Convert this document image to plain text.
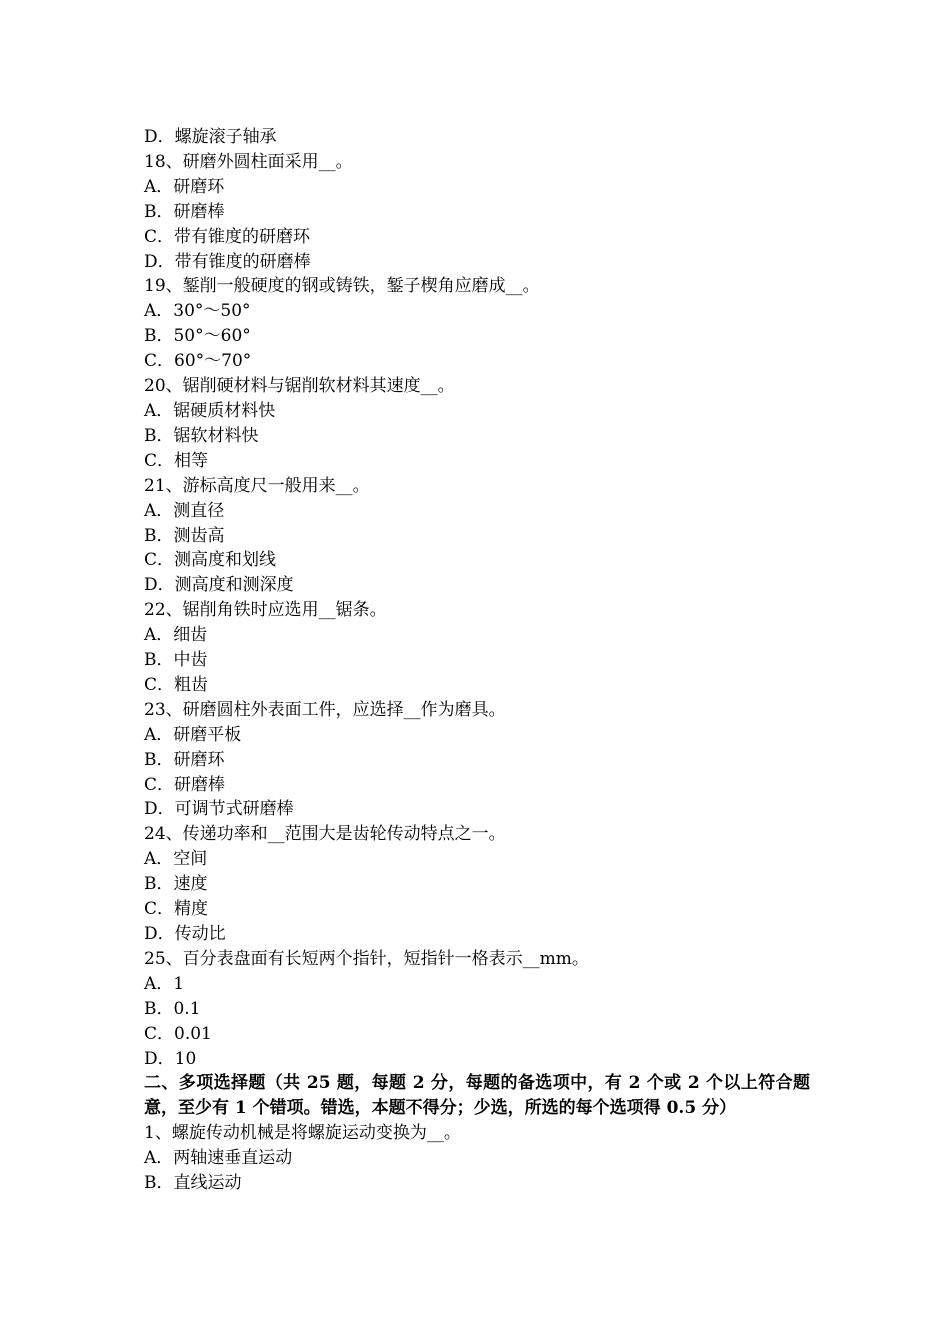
D．螺旋滚子轴承
18、研磨外圆柱面采用__。
A．研磨环
B．研磨棒
C．带有锥度的研磨环
D．带有锥度的研磨棒
19、錾削一般硬度的钢或铸铁，錾子楔角应磨成__。
A．30°～50°
B．50°～60°
C．60°～70°
20、锯削硬材料与锯削软材料其速度__。
A．锯硬质材料快
B．锯软材料快
C．相等
21、游标高度尺一般用来__。
A．测直径
B．测齿高
C．测高度和划线
D．测高度和测深度
22、锯削角铁时应选用__锯条。
A．细齿
B．中齿
C．粗齿
23、研磨圆柱外表面工件，应选择__作为磨具。
A．研磨平板
B．研磨环
C．研磨棒
D．可调节式研磨棒
24、传递功率和__范围大是齿轮传动特点之一。
A．空间
B．速度
C．精度
D．传动比
25、百分表盘面有长短两个指针，短指针一格表示__mm。
A．1
B．0.1
C．0.01
D．10
二、多项选择题（共 25 题，每题 2 分，每题的备选项中，有 2 个或 2 个以上符合题意，至少有 1 个错项。错选，本题不得分；少选，所选的每个选项得 0.5 分）
1、螺旋传动机械是将螺旋运动变换为__。
A．两轴速垂直运动
B．直线运动
